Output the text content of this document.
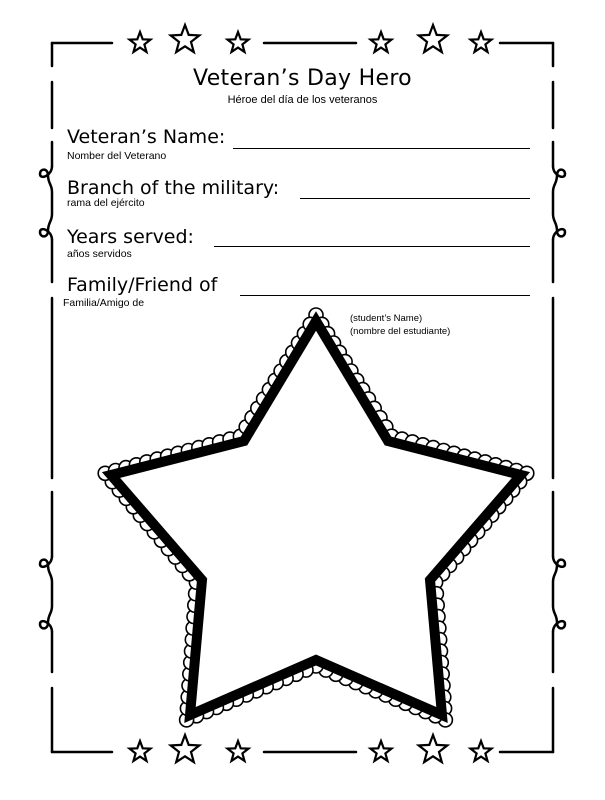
Veteran’s Day Hero

Héroe del día de los veteranos

Veteran’s Name:

Nomber del Veterano

Branch of the military:

rama del ejército

Years served:

años servidos

Family/Friend of

Familia/Amigo de

(student’s Name)

(nombre del estudiante)
